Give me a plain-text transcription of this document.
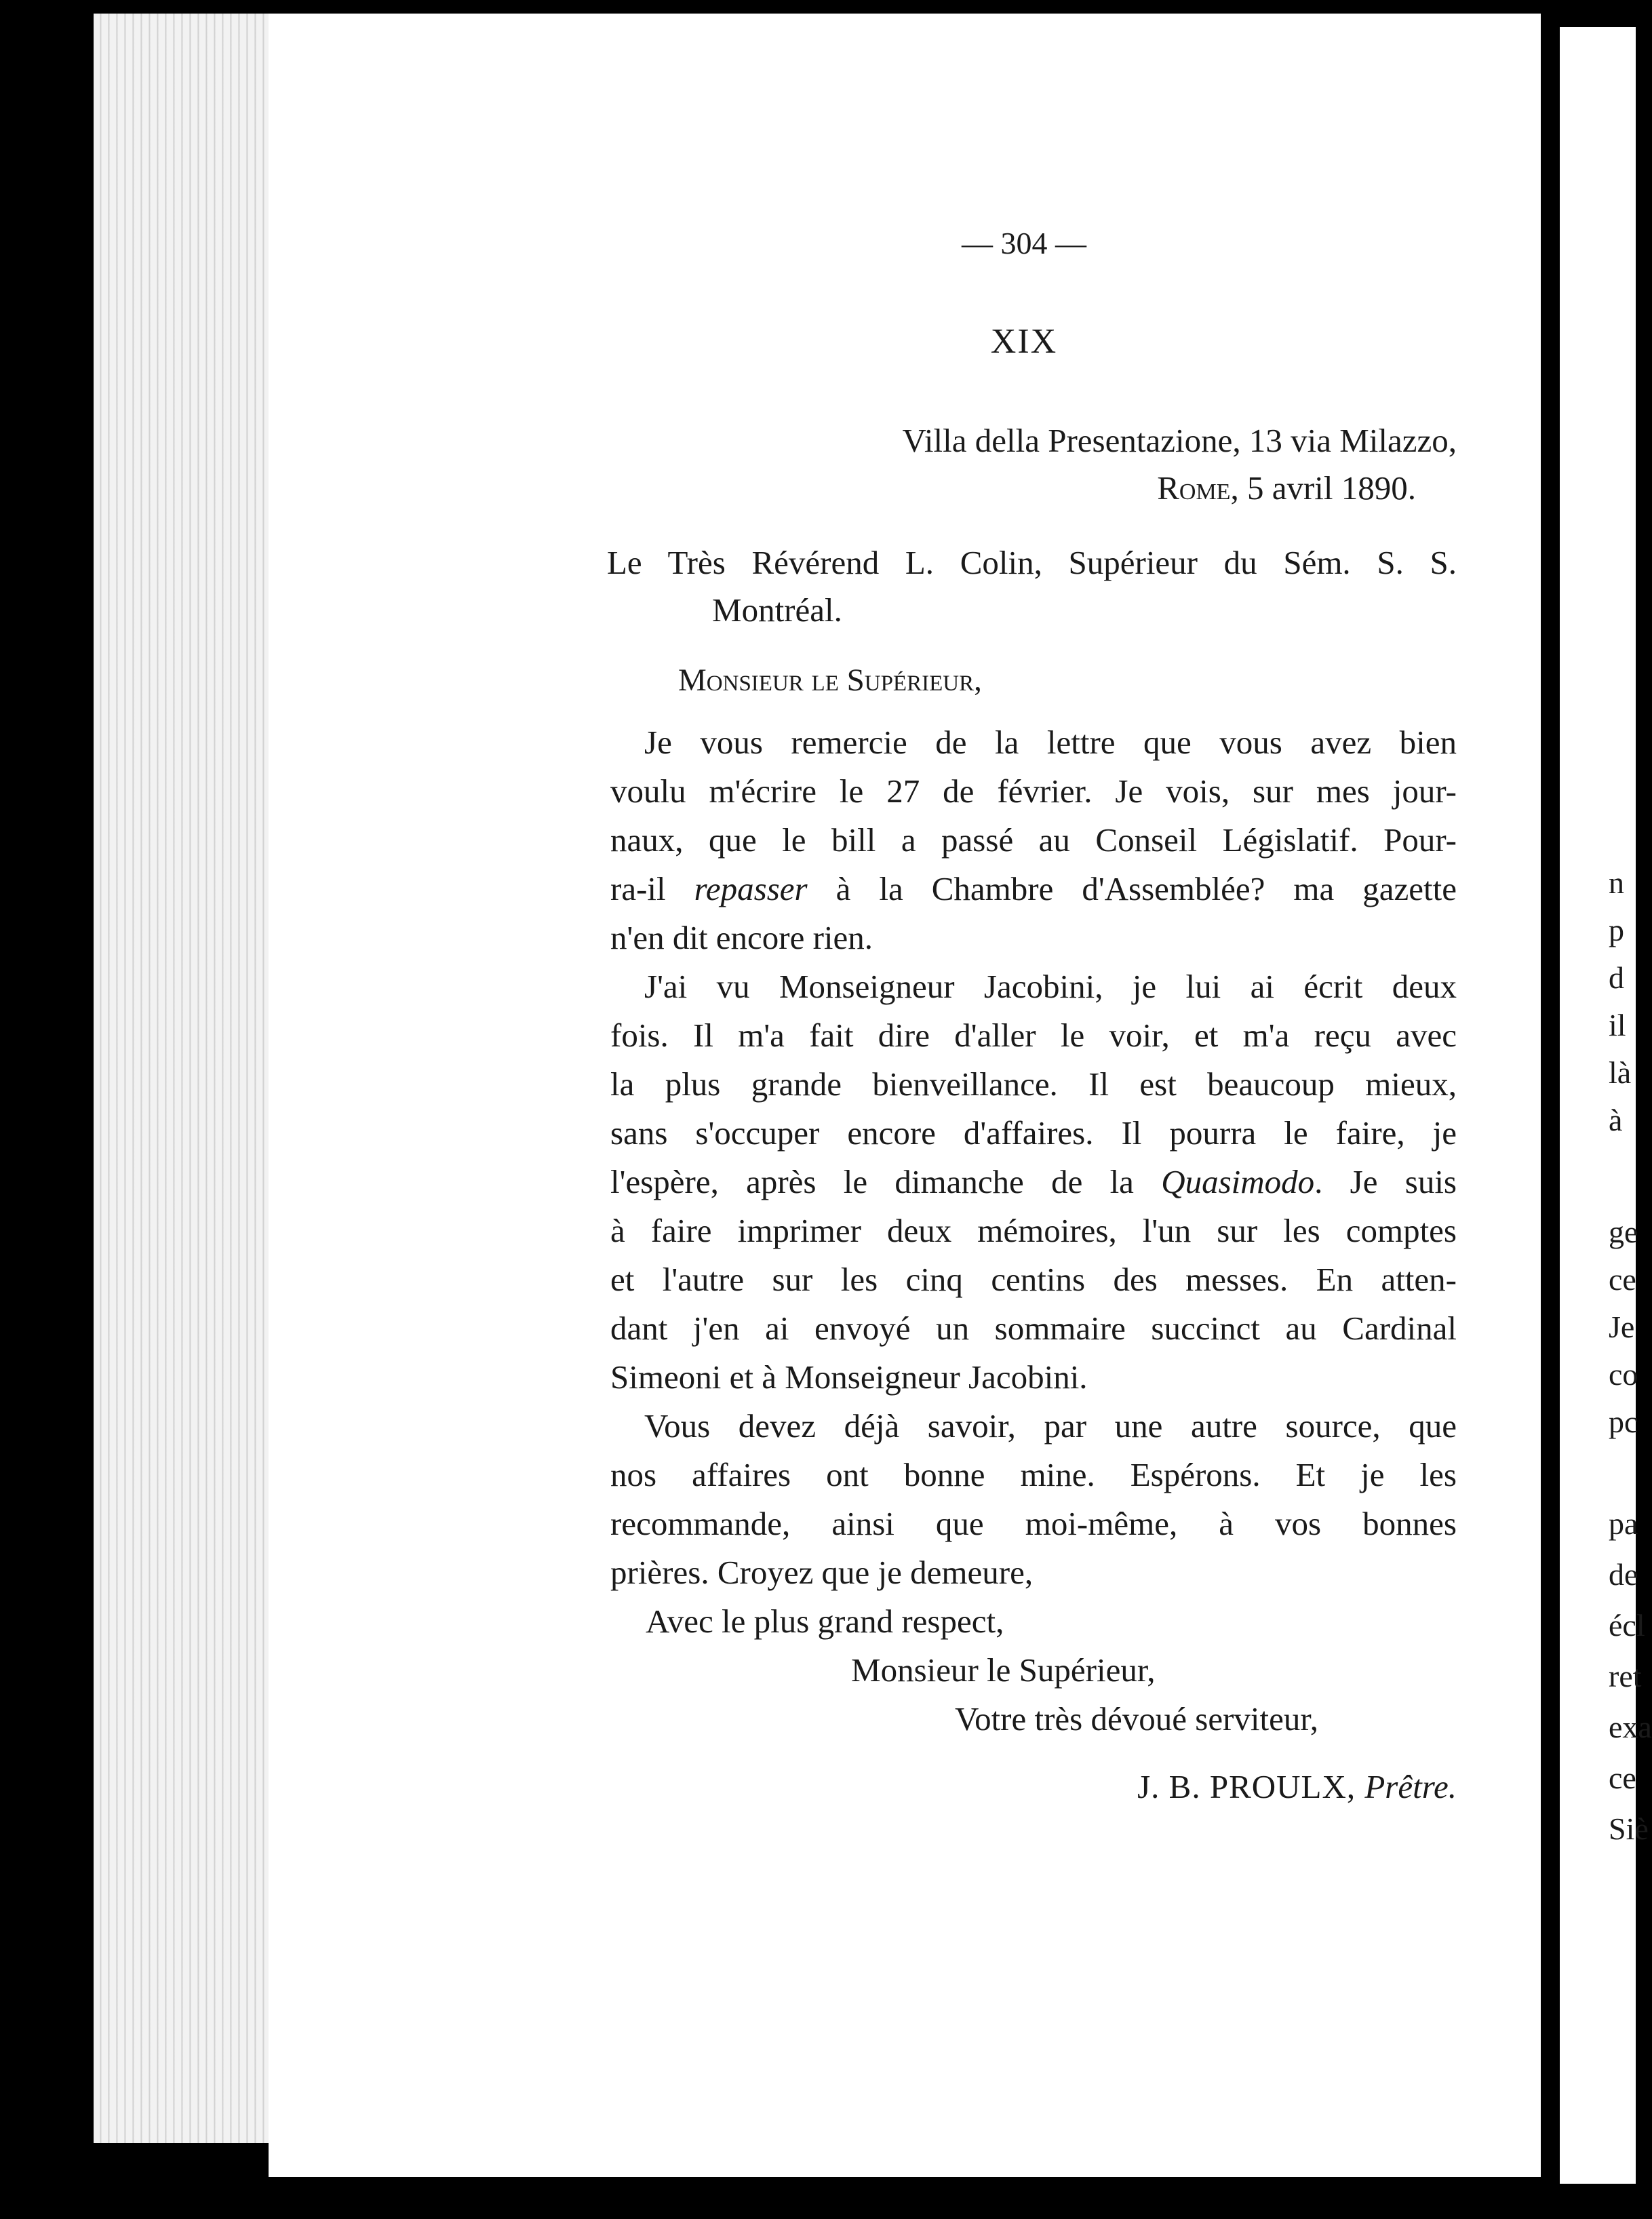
n
p
d
il
là
à
ge
ce
Je
co
pc
pa
de
écl
ret
exa
ce
Siè
— 304 —
XIX
Villa della Presentazione, 13 via Milazzo,
Rome, 5 avril 1890.
Le Très Révérend L. Colin, Supérieur du Sém. S. S.
Montréal.
Monsieur le Supérieur,
Je vous remercie de la lettre que vous avez bien
voulu m'écrire le 27 de février. Je vois, sur mes jour-
naux, que le bill a passé au Conseil Législatif. Pour-
ra-il repasser à la Chambre d'Assemblée? ma gazette
n'en dit encore rien.
J'ai vu Monseigneur Jacobini, je lui ai écrit deux
fois. Il m'a fait dire d'aller le voir, et m'a reçu avec
la plus grande bienveillance. Il est beaucoup mieux,
sans s'occuper encore d'affaires. Il pourra le faire, je
l'espère, après le dimanche de la Quasimodo. Je suis
à faire imprimer deux mémoires, l'un sur les comptes
et l'autre sur les cinq centins des messes. En atten-
dant j'en ai envoyé un sommaire succinct au Cardinal
Simeoni et à Monseigneur Jacobini.
Vous devez déjà savoir, par une autre source, que
nos affaires ont bonne mine. Espérons. Et je les
recommande, ainsi que moi-même, à vos bonnes
prières. Croyez que je demeure,
Avec le plus grand respect,
Monsieur le Supérieur,
Votre très dévoué serviteur,
J. B. PROULX, Prêtre.
